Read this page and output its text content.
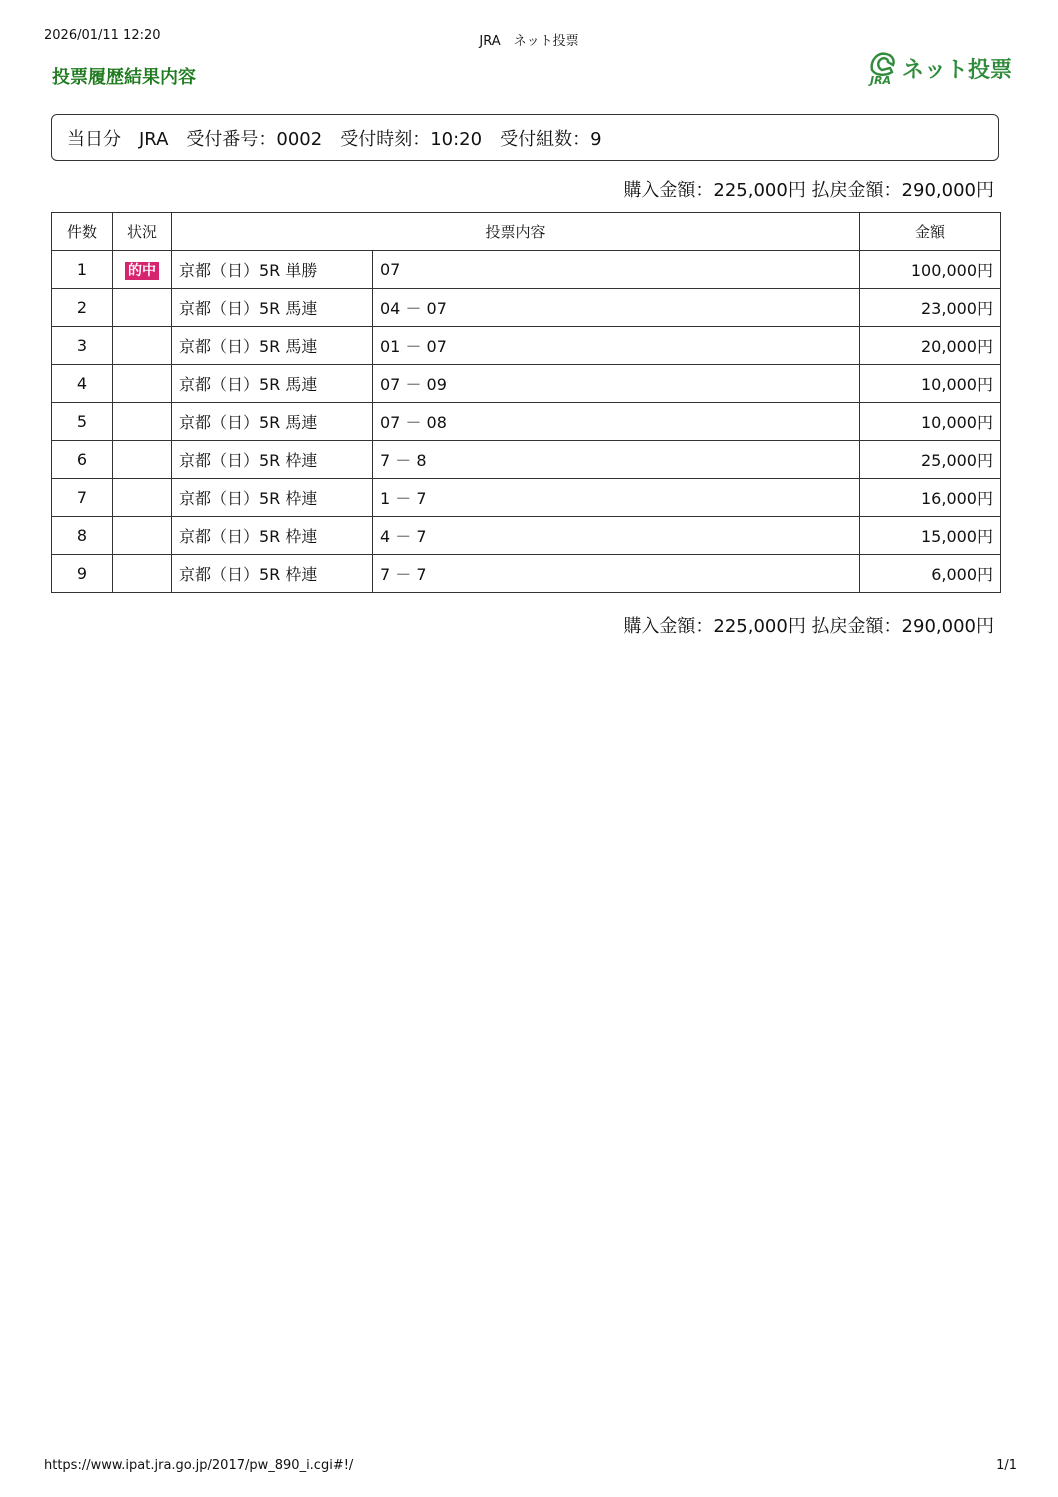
2026/01/11 12:20	JRA　ネット投票
投票履歴結果内容	JRA ネット投票
当日分　JRA　受付番号：0002　受付時刻：10:20　受付組数：9
購入金額：225,000円 払戻金額：290,000円
件数	状況	投票内容		金額
1	的中	京都（日）5R 単勝	07	100,000円
2		京都（日）5R 馬連	04 － 07	23,000円
3		京都（日）5R 馬連	01 － 07	20,000円
4		京都（日）5R 馬連	07 － 09	10,000円
5		京都（日）5R 馬連	07 － 08	10,000円
6		京都（日）5R 枠連	7 － 8	25,000円
7		京都（日）5R 枠連	1 － 7	16,000円
8		京都（日）5R 枠連	4 － 7	15,000円
9		京都（日）5R 枠連	7 － 7	6,000円
購入金額：225,000円 払戻金額：290,000円
https://www.ipat.jra.go.jp/2017/pw_890_i.cgi#!/	1/1
